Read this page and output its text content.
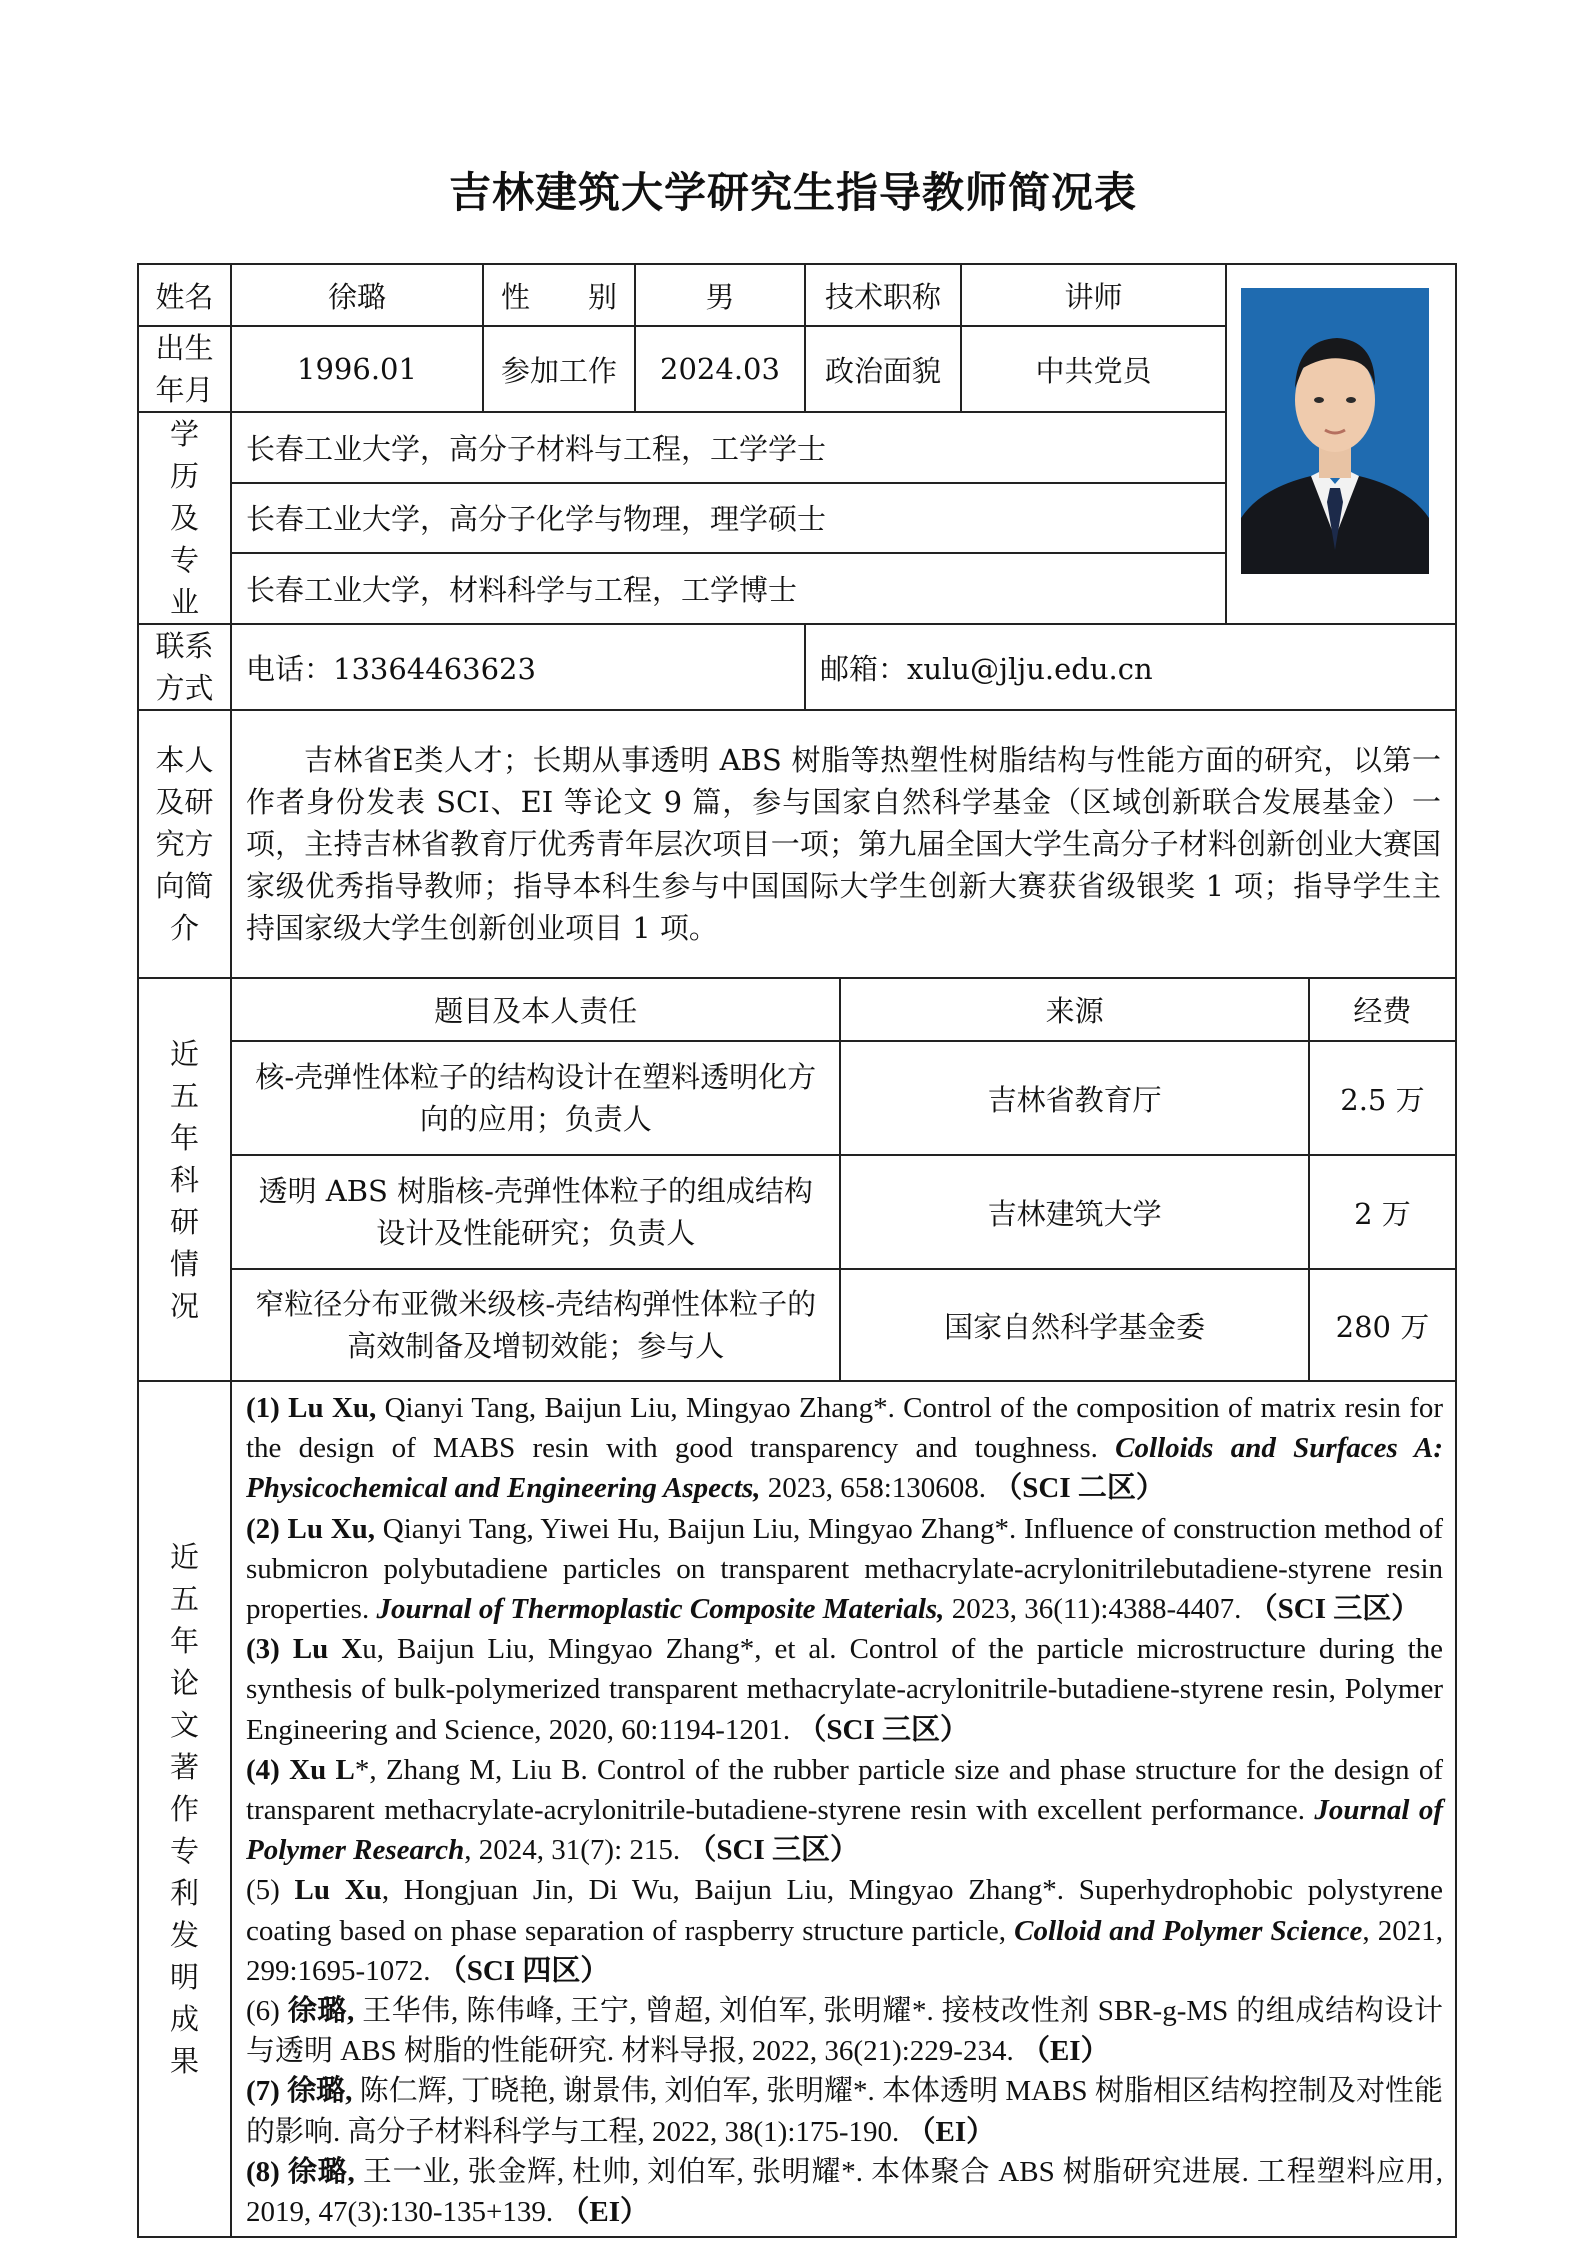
吉林建筑大学研究生指导教师简况表
姓名	徐璐	性　　别	男	技术职称	讲师	

出生年月	1996.01	参加工作	2024.03	政治面貌	中共党员
学历及专业	长春工业大学，高分子材料与工程，工学学士
长春工业大学，高分子化学与物理，理学硕士
长春工业大学，材料科学与工程，工学博士
联系方式	电话：13364463623	邮箱：xulu@jlju.edu.cn
本人及研究方向简介	吉林省E类人才；长期从事透明 ABS 树脂等热塑性树脂结构与性能方面的研究，以第一作者身份发表 SCI、EI 等论文 9 篇，参与国家自然科学基金（区域创新联合发展基金）一项，主持吉林省教育厅优秀青年层次项目一项；第九届全国大学生高分子材料创新创业大赛国家级优秀指导教师；指导本科生参与中国国际大学生创新大赛获省级银奖 1 项；指导学生主持国家级大学生创新创业项目 1 项。
近五年科研情况	
题目及本人责任	来源	经费
核-壳弹性体粒子的结构设计在塑料透明化方向的应用；负责人	吉林省教育厅	2.5 万
透明 ABS 树脂核-壳弹性体粒子的组成结构设计及性能研究；负责人	吉林建筑大学	2 万
窄粒径分布亚微米级核-壳结构弹性体粒子的高效制备及增韧效能；参与人	国家自然科学基金委	280 万

近五年论文著作专利发明成果	

(1) Lu Xu, Qianyi Tang, Baijun Liu, Mingyao Zhang*. Control of the composition of matrix resin for the design of MABS resin with good transparency and toughness. Colloids and Surfaces A: Physicochemical and Engineering Aspects, 2023, 658:130608. （SCI 二区）

(2) Lu Xu, Qianyi Tang, Yiwei Hu, Baijun Liu, Mingyao Zhang*. Influence of construction method of submicron polybutadiene particles on transparent methacrylate-acrylonitrilebutadiene-styrene resin properties. Journal of Thermoplastic Composite Materials, 2023, 36(11):4388-4407. （SCI 三区）

(3) Lu Xu, Baijun Liu, Mingyao Zhang*, et al. Control of the particle microstructure during the synthesis of bulk-polymerized transparent methacrylate-acrylonitrile-butadiene-styrene resin, Polymer Engineering and Science, 2020, 60:1194-1201. （SCI 三区）

(4) Xu L*, Zhang M, Liu B. Control of the rubber particle size and phase structure for the design of transparent methacrylate-acrylonitrile-butadiene-styrene resin with excellent performance. Journal of Polymer Research, 2024, 31(7): 215. （SCI 三区）

(5) Lu Xu, Hongjuan Jin, Di Wu, Baijun Liu, Mingyao Zhang*. Superhydrophobic polystyrene coating based on phase separation of raspberry structure particle, Colloid and Polymer Science, 2021, 299:1695-1072. （SCI 四区）

(6) 徐璐, 王华伟, 陈伟峰, 王宁, 曾超, 刘伯军, 张明耀*. 接枝改性剂 SBR-g-MS 的组成结构设计与透明 ABS 树脂的性能研究. 材料导报, 2022, 36(21):229-234. （EI）

(7) 徐璐, 陈仁辉, 丁晓艳, 谢景伟, 刘伯军, 张明耀*. 本体透明 MABS 树脂相区结构控制及对性能的影响. 高分子材料科学与工程, 2022, 38(1):175-190. （EI）

(8) 徐璐, 王一业, 张金辉, 杜帅, 刘伯军, 张明耀*. 本体聚合 ABS 树脂研究进展. 工程塑料应用, 2019, 47(3):130-135+139. （EI）
